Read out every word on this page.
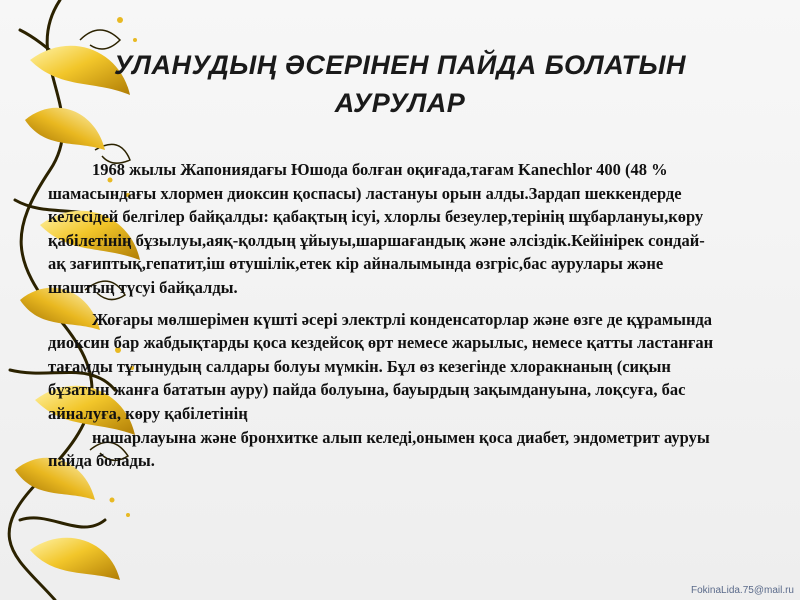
УЛАНУДЫҢ ӘСЕРІНЕН ПАЙДА БОЛАТЫН АУРУЛАР

1968 жылы Жапониядағы Юшода болған оқиғада,тағам Kanechlor 400 (48 % шамасындағы хлормен диоксин қоспасы) ластануы орын алды.Зардап шеккендерде келесідей белгілер байқалды: қабақтың ісуі, хлорлы безеулер,терінің шұбарлануы,көру қабілетінің бұзылуы,аяқ-қолдың ұйыуы,шаршағандық және әлсіздік.Кейінірек сондай-ақ зағиптық,гепатит,іш өтушілік,етек кір айналымында өзгріс,бас аурулары және шаштың түсуі байқалды.

Жоғары мөлшерімен күшті әсері электрлі конденсаторлар және өзге де құрамында диоксин бар жабдықтарды қоса кездейсоқ өрт немесе жарылыс, немесе қатты ластанған тағамды тұтынудың салдары болуы мүмкін. Бұл өз кезегінде хлоракнаның (сиқын бұзатын жанға бататын ауру) пайда болуына, бауырдың зақымдануына, лоқсуға, бас айналуға, көру қабілетінің

нашарлауына және бронхитке алып келеді,онымен қоса диабет, эндометрит ауруы пайда болады.

FokinaLida.75@mail.ru
